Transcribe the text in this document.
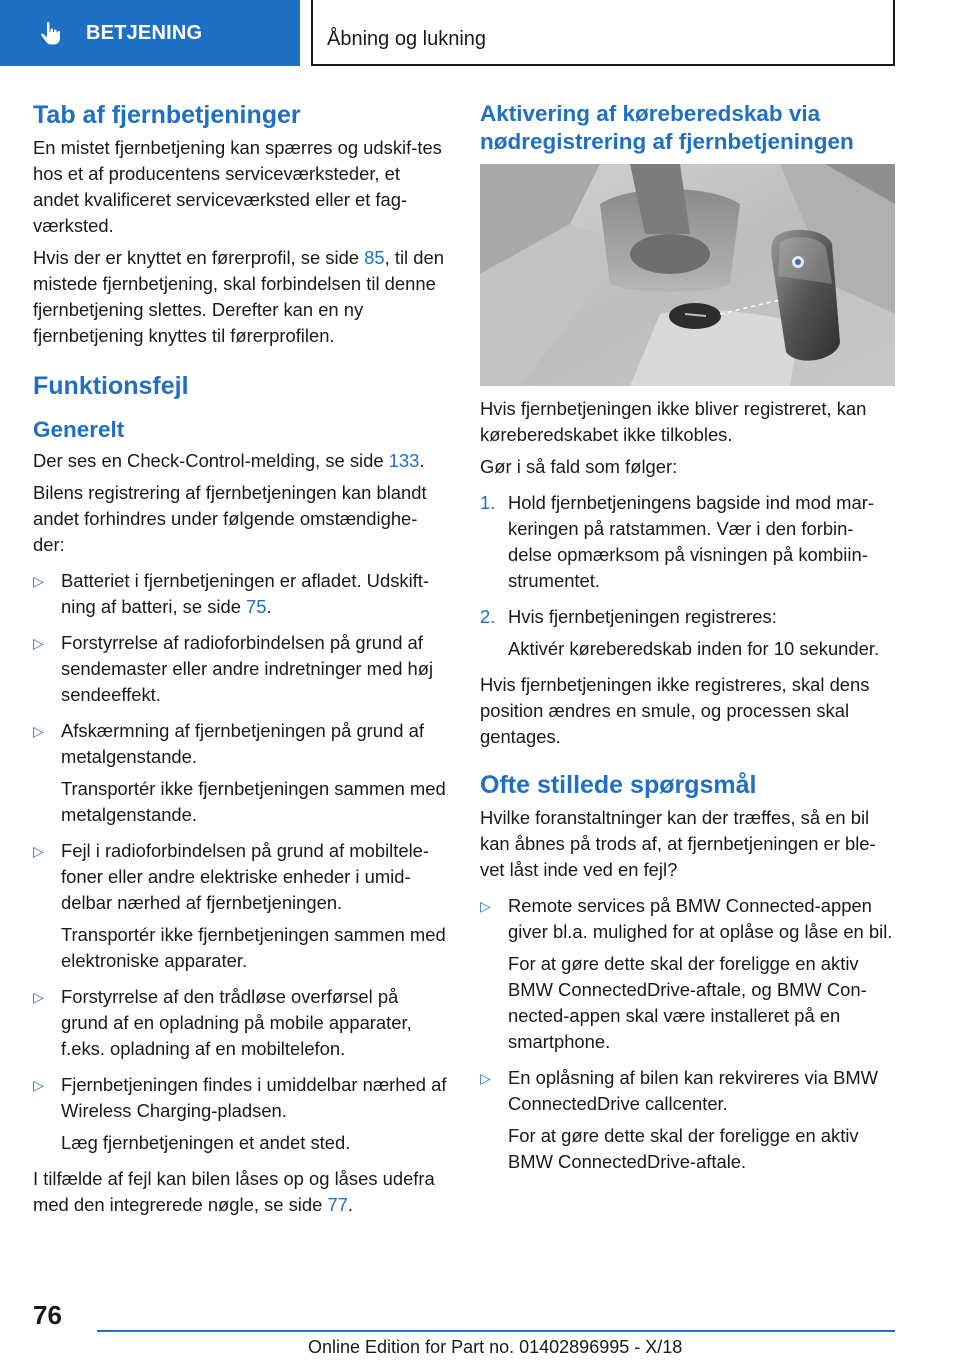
BETJENING	Åbning og lukning
Tab af fjernbetjeninger

En mistet fjernbetjening kan spærres og udskif-tes hos et af producentens serviceværksteder, et andet kvalificeret serviceværksted eller et fag-værksted.

Hvis der er knyttet en førerprofil, se side 85, til den mistede fjernbetjening, skal forbindelsen til denne fjernbetjening slettes. Derefter kan en ny fjernbetjening knyttes til førerprofilen.

Funktionsfejl
Generelt

Der ses en Check-Control-melding, se side 133.

Bilens registrering af fjernbetjeningen kan blandt andet forhindres under følgende omstændighe-der:

▷ Batteriet i fjernbetjeningen er afladet. Udskift-ning af batteri, se side 75.
▷ Forstyrrelse af radioforbindelsen på grund af sendemaster eller andre indretninger med høj sendeeffekt.
▷ Afskærmning af fjernbetjeningen på grund af metalgenstande.
Transportér ikke fjernbetjeningen sammen med metalgenstande.
▷ Fejl i radioforbindelsen på grund af mobiltele-foner eller andre elektriske enheder i umid-delbar nærhed af fjernbetjeningen.
Transportér ikke fjernbetjeningen sammen med elektroniske apparater.
▷ Forstyrrelse af den trådløse overførsel på grund af en opladning på mobile apparater, f.eks. opladning af en mobiltelefon.
▷ Fjernbetjeningen findes i umiddelbar nærhed af Wireless Charging-pladsen.
Læg fjernbetjeningen et andet sted.

I tilfælde af fejl kan bilen låses op og låses udefra med den integrerede nøgle, se side 77.

Aktivering af køreberedskab via nødregistrering af fjernbetjeningen

Hvis fjernbetjeningen ikke bliver registreret, kan køreberedskabet ikke tilkobles.

Gør i så fald som følger:

1. Hold fjernbetjeningens bagside ind mod mar-keringen på ratstammen. Vær i den forbin-delse opmærksom på visningen på kombiin-strumentet.
2. Hvis fjernbetjeningen registreres:
Aktivér køreberedskab inden for 10 sekunder.

Hvis fjernbetjeningen ikke registreres, skal dens position ændres en smule, og processen skal gentages.

Ofte stillede spørgsmål

Hvilke foranstaltninger kan der træffes, så en bil kan åbnes på trods af, at fjernbetjeningen er ble-vet låst inde ved en fejl?

▷ Remote services på BMW Connected-appen giver bl.a. mulighed for at oplåse og låse en bil.
For at gøre dette skal der foreligge en aktiv BMW ConnectedDrive-aftale, og BMW Con-nected-appen skal være installeret på en smartphone.
▷ En oplåsning af bilen kan rekvireres via BMW ConnectedDrive callcenter.
For at gøre dette skal der foreligge en aktiv BMW ConnectedDrive-aftale.
76
Online Edition for Part no. 01402896995 - X/18
